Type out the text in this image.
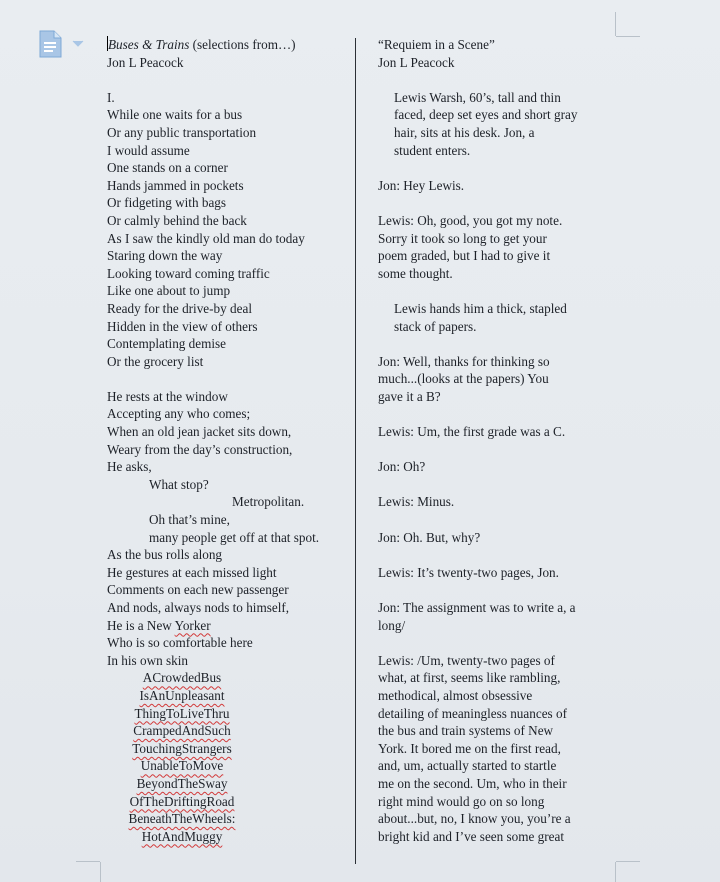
Buses & Trains (selections from…)
Jon L Peacock
I.
While one waits for a bus
Or any public transportation
I would assume
One stands on a corner
Hands jammed in pockets
Or fidgeting with bags
Or calmly behind the back
As I saw the kindly old man do today
Staring down the way
Looking toward coming traffic
Like one about to jump
Ready for the drive-by deal
Hidden in the view of others
Contemplating demise
Or the grocery list
He rests at the window
Accepting any who comes;
When an old jean jacket sits down,
Weary from the day’s construction,
He asks,
What stop?
Metropolitan.
Oh that’s mine,
many people get off at that spot.
As the bus rolls along
He gestures at each missed light
Comments on each new passenger
And nods, always nods to himself,
He is a New Yorker
Who is so comfortable here
In his own skin
ACrowdedBus
IsAnUnpleasant
ThingToLiveThru
CrampedAndSuch
TouchingStrangers
UnableToMove
BeyondTheSway
OfTheDriftingRoad
BeneathTheWheels:
HotAndMuggy
“Requiem in a Scene”
Jon L Peacock
Lewis Warsh, 60’s, tall and thin
faced, deep set eyes and short gray
hair, sits at his desk. Jon, a
student enters.
Jon: Hey Lewis.
Lewis: Oh, good, you got my note.
Sorry it took so long to get your
poem graded, but I had to give it
some thought.
Lewis hands him a thick, stapled
stack of papers.
Jon: Well, thanks for thinking so
much...(looks at the papers) You
gave it a B?
Lewis: Um, the first grade was a C.
Jon: Oh?
Lewis: Minus.
Jon: Oh. But, why?
Lewis: It’s twenty-two pages, Jon.
Jon: The assignment was to write a, a
long/
Lewis: /Um, twenty-two pages of
what, at first, seems like rambling,
methodical, almost obsessive
detailing of meaningless nuances of
the bus and train systems of New
York. It bored me on the first read,
and, um, actually started to startle
me on the second. Um, who in their
right mind would go on so long
about...but, no, I know you, you’re a
bright kid and I’ve seen some great
